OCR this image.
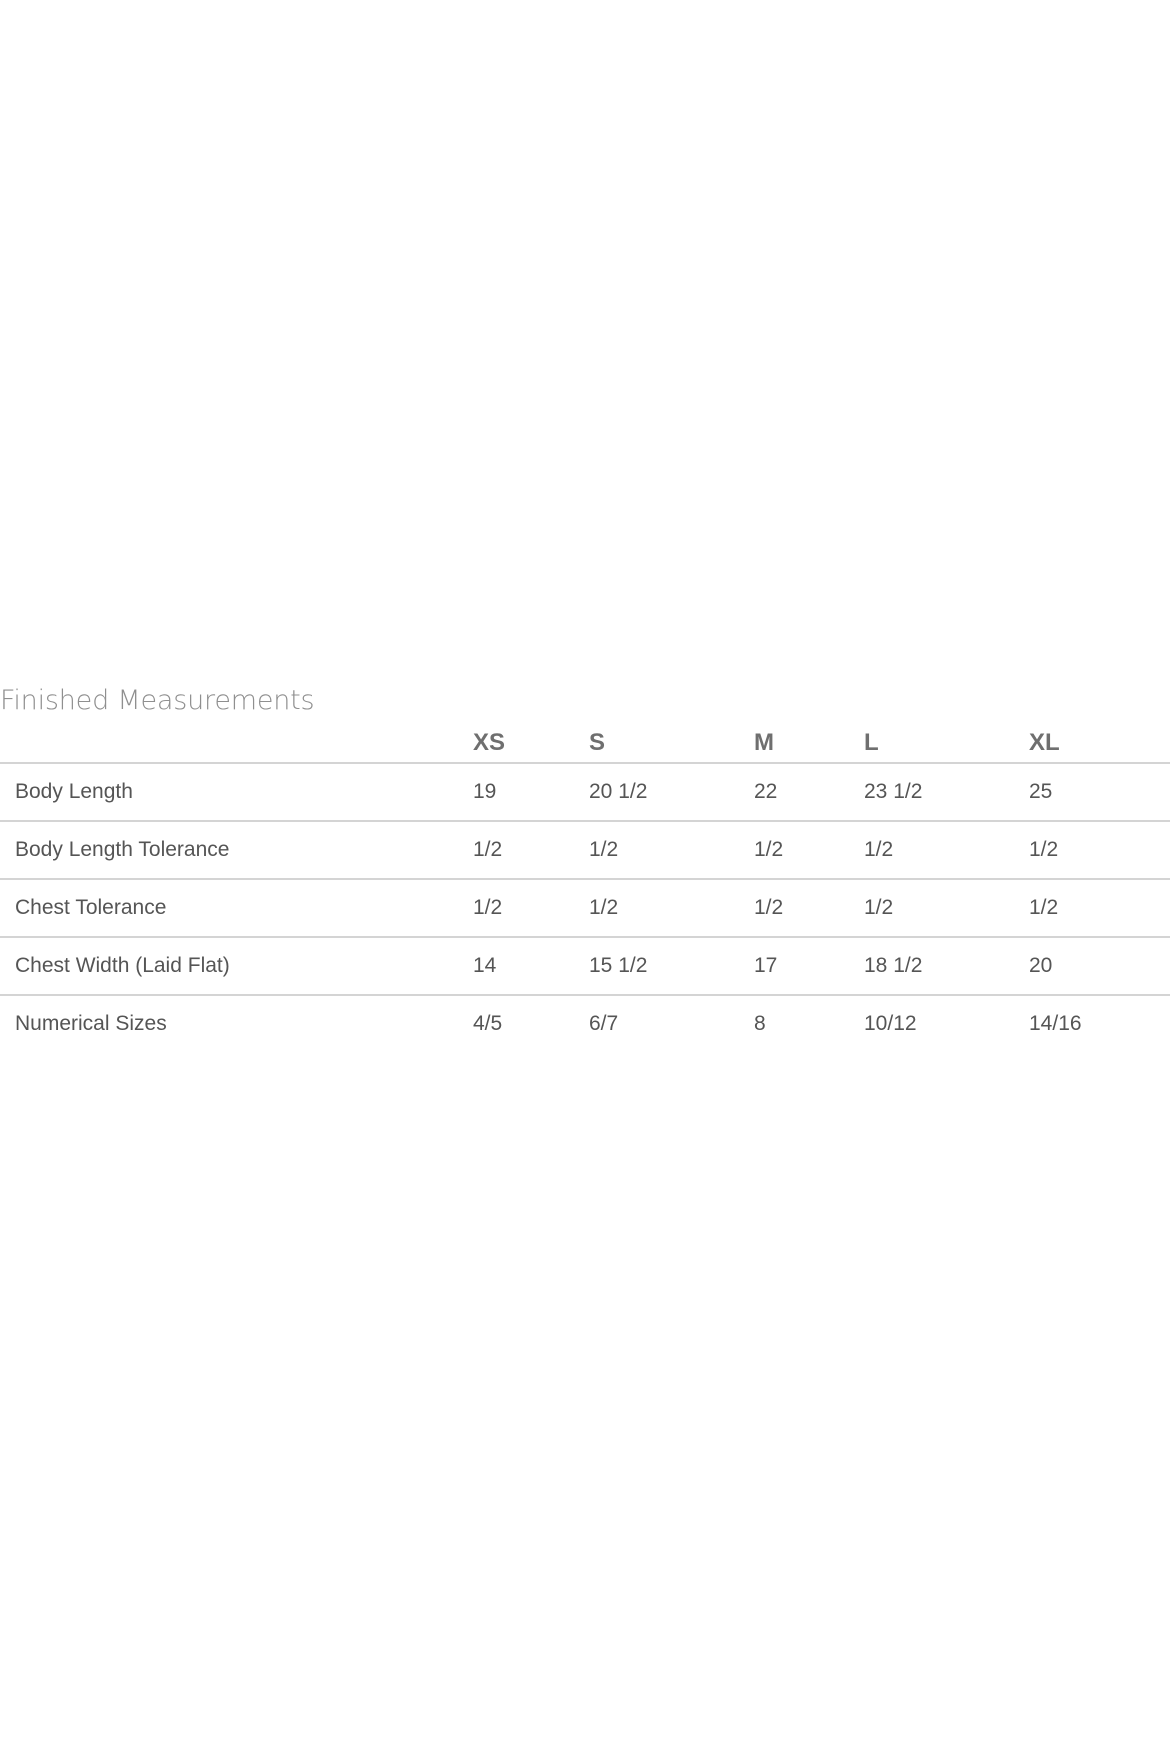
Finished Measurements
	XS	S	M	L	XL
Body Length	19	20 1/2	22	23 1/2	25
Body Length Tolerance	1/2	1/2	1/2	1/2	1/2
Chest Tolerance	1/2	1/2	1/2	1/2	1/2
Chest Width (Laid Flat)	14	15 1/2	17	18 1/2	20
Numerical Sizes	4/5	6/7	8	10/12	14/16
